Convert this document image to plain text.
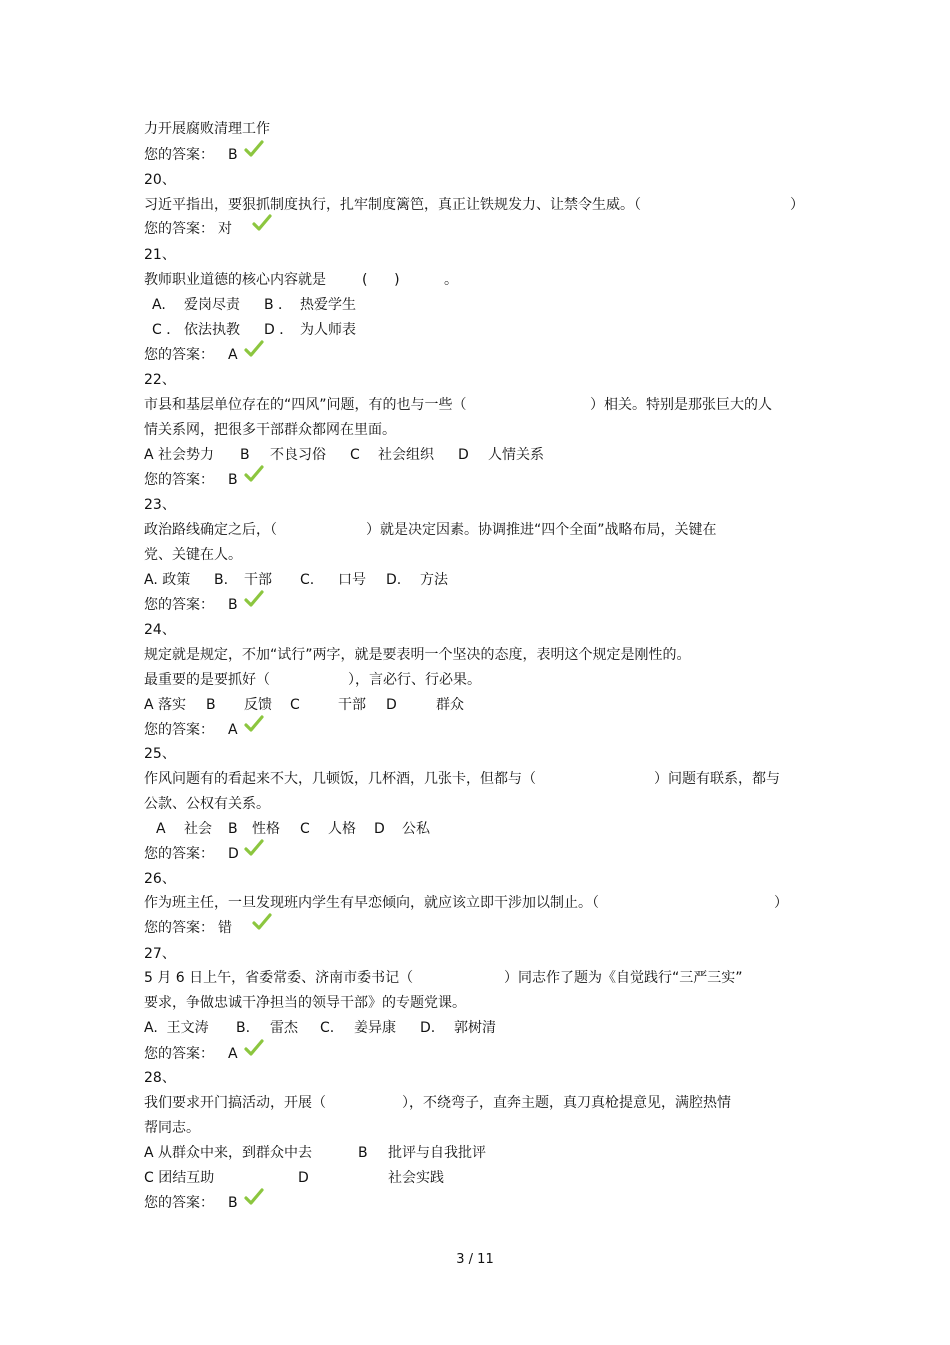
力开展腐败清理工作

您的答案：

B

20、

习近平指出，要狠抓制度执行，扎牢制度篱笆，真正让铁规发力、让禁令生威。（

	）

您的答案：

对

21、

教师职业道德的核心内容就是

	(      )

	。

A.

爱岗尽责

B ．

热爱学生

C ．

依法执教

D ．

为人师表

您的答案：

A

22、

市县和基层单位存在的“四风”问题，有的也与一些（

	）相关。特别是那张巨大的人

情关系网，把很多干部群众都网在里面。

A 社会势力

B

不良习俗

C

社会组织

D

人情关系

您的答案：

B

23、

政治路线确定之后，（

	）就是决定因素。协调推进“四个全面”战略布局，关键在

党、关键在人。

A. 政策

B.

干部

C.

口号

D.

方法

您的答案：

B

24、
规定就是规定，不加“试行”两字，就是要表明一个坚决的态度，表明这个规定是刚性的。

最重要的是要抓好（

	），言必行、行必果。

A 落实

B

反馈

C

	干部

D

	群众

您的答案：

A

25、

作风问题有的看起来不大，几顿饭，几杯酒，几张卡，但都与（

	）问题有联系，都与

公款、公权有关系。

A

社会

B

性格

C

人格

D

公私

您的答案：

D

26、

作为班主任，一旦发现班内学生有早恋倾向，就应该立即干涉加以制止。（

	）

您的答案：

错

27、

5 月 6 日上午，省委常委、济南市委书记（

	）同志作了题为《自觉践行“三严三实”

要求，争做忠诚干净担当的领导干部》的专题党课。

A.  王文涛

B.

雷杰

C.

姜异康

D.

郭树清

您的答案：

A

28、

我们要求开门搞活动，开展（

	），不绕弯子，直奔主题，真刀真枪提意见，满腔热情

帮同志。

A 从群众中来，到群众中去

	B

批评与自我批评

C 团结互助

	D

	社会实践

您的答案：

B

3 / 11
